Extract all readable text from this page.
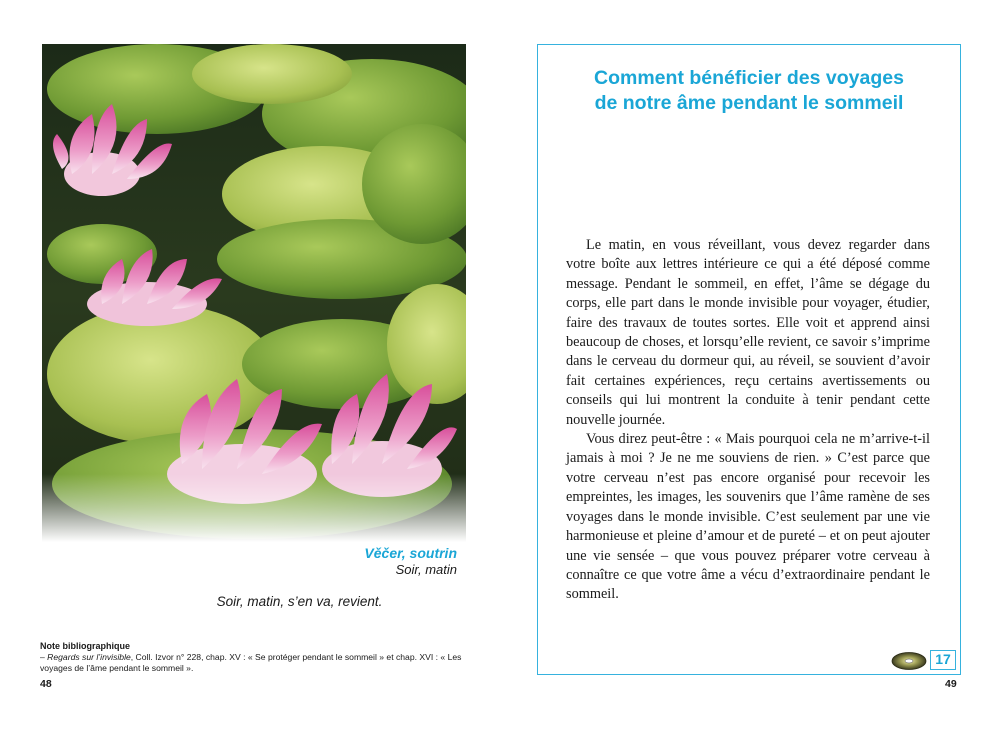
Věčer, soutrin
Soir, matin
Soir, matin, s’en va, revient.
Note bibliographique
– Regards sur l’invisible, Coll. Izvor n° 228, chap. XV : « Se protéger pendant le sommeil » et chap. XVI : « Les voyages de l’âme pendant le sommeil ».
48
Comment bénéficier des voyages
de notre âme pendant le sommeil

Le matin, en vous réveillant, vous devez regarder dans votre boîte aux lettres intérieure ce qui a été déposé comme message. Pendant le sommeil, en effet, l’âme se dégage du corps, elle part dans le monde invisible pour voyager, étudier, faire des travaux de toutes sortes. Elle voit et apprend ainsi beaucoup de choses, et lorsqu’elle revient, ce savoir s’imprime dans le cerveau du dormeur qui, au réveil, se souvient d’avoir fait certaines expériences, reçu certains avertissements ou conseils qui lui montrent la conduite à tenir pendant cette nouvelle journée.

Vous direz peut-être : « Mais pourquoi cela ne m’arrive-t-il jamais à moi ? Je ne me souviens de rien. » C’est parce que votre cerveau n’est pas encore organisé pour recevoir les empreintes, les images, les souvenirs que l’âme ramène de ses voyages dans le monde invisible. C’est seulement par une vie harmonieuse et pleine d’amour et de pureté – et on peut ajouter une vie sensée – que vous pouvez préparer votre cerveau à connaître ce que votre âme a vécu d’extraordinaire pendant le sommeil.

17
49
